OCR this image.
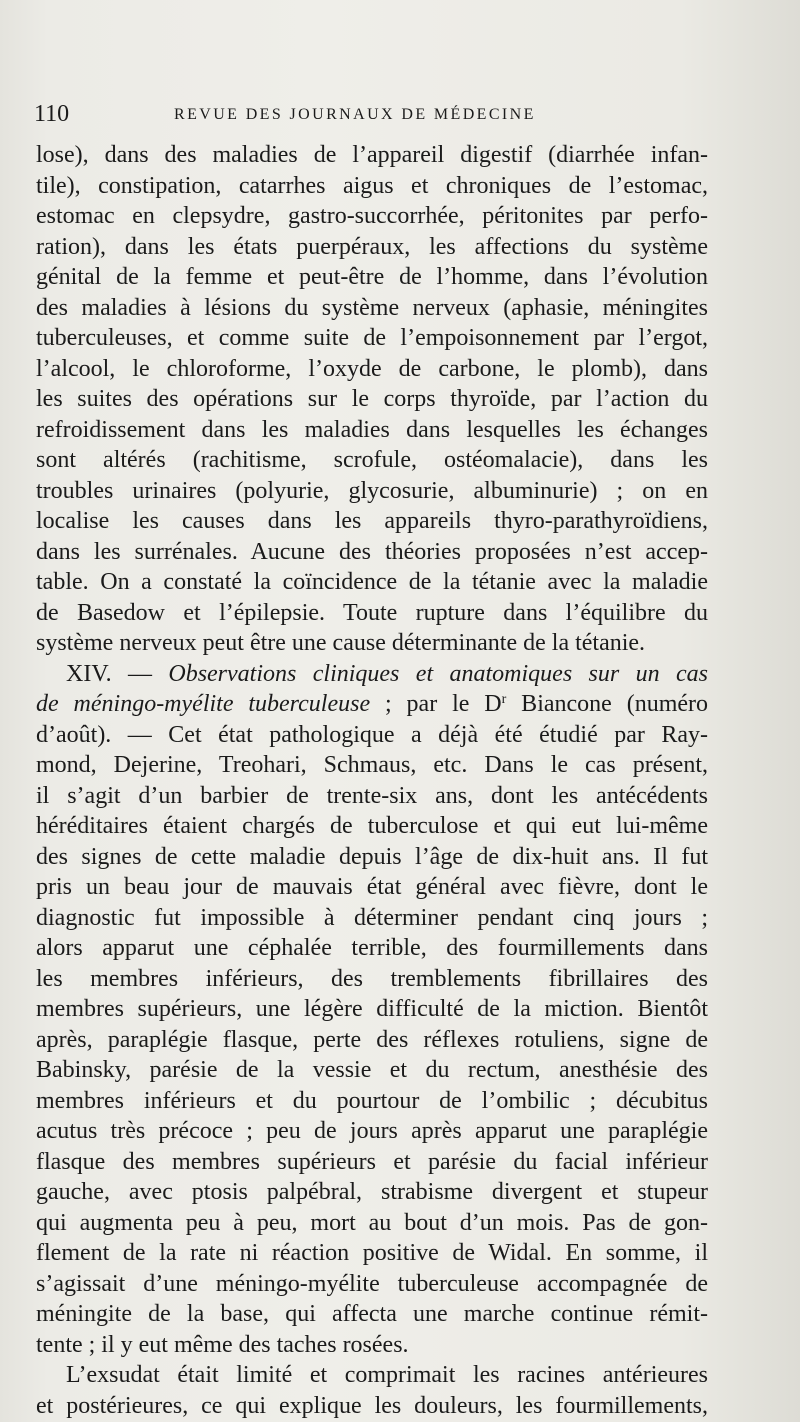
110	REVUE DES JOURNAUX DE MÉDECINE
lose), dans des maladies de l’appareil digestif (diarrhée infan-
tile), constipation, catarrhes aigus et chroniques de l’estomac,
estomac en clepsydre, gastro-succorrhée, péritonites par perfo-
ration), dans les états puerpéraux, les affections du système
génital de la femme et peut-être de l’homme, dans l’évolution
des maladies à lésions du système nerveux (aphasie, méningites
tuberculeuses, et comme suite de l’empoisonnement par l’ergot,
l’alcool, le chloroforme, l’oxyde de carbone, le plomb), dans
les suites des opérations sur le corps thyroïde, par l’action du
refroidissement dans les maladies dans lesquelles les échanges
sont altérés (rachitisme, scrofule, ostéomalacie), dans les
troubles urinaires (polyurie, glycosurie, albuminurie) ; on en
localise les causes dans les appareils thyro-parathyroïdiens,
dans les surrénales. Aucune des théories proposées n’est accep-
table. On a constaté la coïncidence de la tétanie avec la maladie
de Basedow et l’épilepsie. Toute rupture dans l’équilibre du
système nerveux peut être une cause déterminante de la tétanie.
XIV. — Observations cliniques et anatomiques sur un cas
de méningo-myélite tuberculeuse ; par le $D^r$ Biancone (numéro
d’août). — Cet état pathologique a déjà été étudié par Ray-
mond, Dejerine, Treohari, Schmaus, etc. Dans le cas présent,
il s’agit d’un barbier de trente-six ans, dont les antécédents
héréditaires étaient chargés de tuberculose et qui eut lui-même
des signes de cette maladie depuis l’âge de dix-huit ans. Il fut
pris un beau jour de mauvais état général avec fièvre, dont le
diagnostic fut impossible à déterminer pendant cinq jours ;
alors apparut une céphalée terrible, des fourmillements dans
les membres inférieurs, des tremblements fibrillaires des
membres supérieurs, une légère difficulté de la miction. Bientôt
après, paraplégie flasque, perte des réflexes rotuliens, signe de
Babinsky, parésie de la vessie et du rectum, anesthésie des
membres inférieurs et du pourtour de l’ombilic ; décubitus
acutus très précoce ; peu de jours après apparut une paraplégie
flasque des membres supérieurs et parésie du facial inférieur
gauche, avec ptosis palpébral, strabisme divergent et stupeur
qui augmenta peu à peu, mort au bout d’un mois. Pas de gon-
flement de la rate ni réaction positive de Widal. En somme, il
s’agissait d’une méningo-myélite tuberculeuse accompagnée de
méningite de la base, qui affecta une marche continue rémit-
tente ; il y eut même des taches rosées.
L’exsudat était limité et comprimait les racines antérieures
et postérieures, ce qui explique les douleurs, les fourmillements,
